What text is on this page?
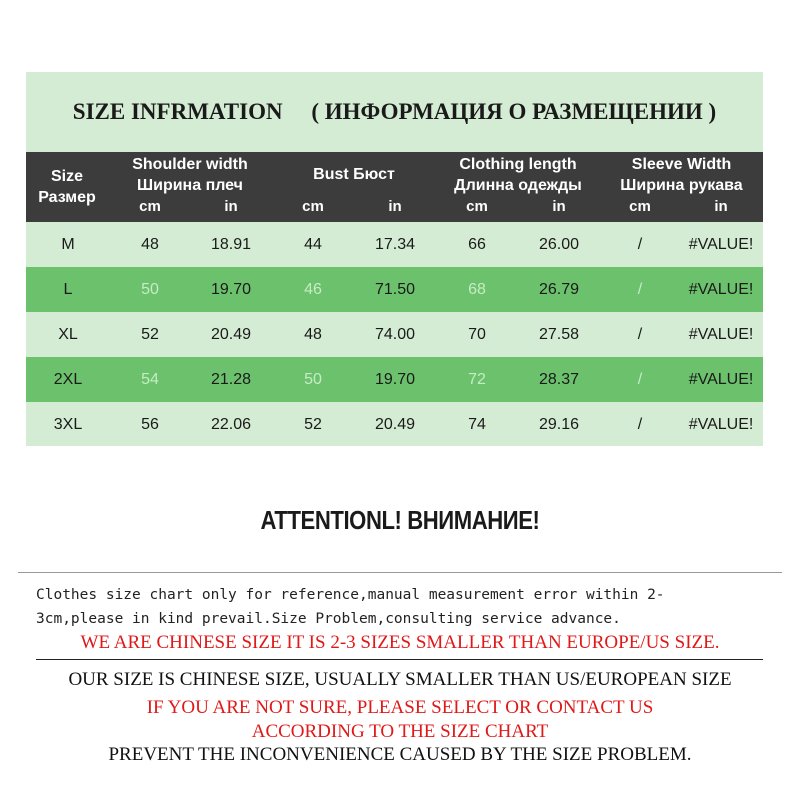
SIZE INFRMATION     ( ИНФОРМАЦИЯ О РАЗМЕЩЕНИИ )
Size
Размер
Shoulder width
Ширина плеч
Bust Бюст
Clothing length
Длинна одежды
Sleeve Width
Ширина рукава
cm	in	cm	in	cm	in	cm	in
M	48	18.91	44	17.34	66	26.00	/	#VALUE!
L	50	19.70	46	71.50	68	26.79	/	#VALUE!
XL	52	20.49	48	74.00	70	27.58	/	#VALUE!
2XL	54	21.28	50	19.70	72	28.37	/	#VALUE!
3XL	56	22.06	52	20.49	74	29.16	/	#VALUE!
ATTENTIONL! ВНИМАНИЕ!
Clothes size chart only for reference,manual measurement error within 2-
3cm,please in kind prevail.Size Problem,consulting service advance.
WE ARE CHINESE SIZE IT IS 2-3 SIZES SMALLER THAN EUROPE/US SIZE.
OUR SIZE IS CHINESE SIZE, USUALLY SMALLER THAN US/EUROPEAN SIZE
IF YOU ARE NOT SURE, PLEASE SELECT OR CONTACT US
ACCORDING TO THE SIZE CHART
PREVENT THE INCONVENIENCE CAUSED BY THE SIZE PROBLEM.
